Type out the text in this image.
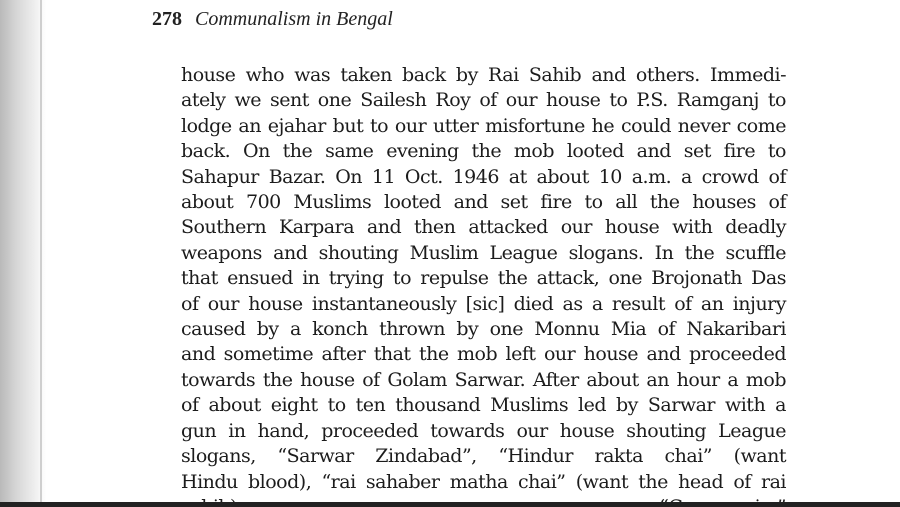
278 Communalism in Bengal
house who was taken back by Rai Sahib and others. Immedi-
ately we sent one Sailesh Roy of our house to P.S. Ramganj to
lodge an ejahar but to our utter misfortune he could never come
back. On the same evening the mob looted and set fire to
Sahapur Bazar. On 11 Oct. 1946 at about 10 a.m. a crowd of
about 700 Muslims looted and set fire to all the houses of
Southern Karpara and then attacked our house with deadly
weapons and shouting Muslim League slogans. In the scuffle
that ensued in trying to repulse the attack, one Brojonath Das
of our house instantaneously [sic] died as a result of an injury
caused by a konch thrown by one Monnu Mia of Nakaribari
and sometime after that the mob left our house and proceeded
towards the house of Golam Sarwar. After about an hour a mob
of about eight to ten thousand Muslims led by Sarwar with a
gun in hand, proceeded towards our house shouting League
slogans, “Sarwar Zindabad”, “Hindur rakta chai” (want
Hindu blood), “rai sahaber matha chai” (want the head of rai
